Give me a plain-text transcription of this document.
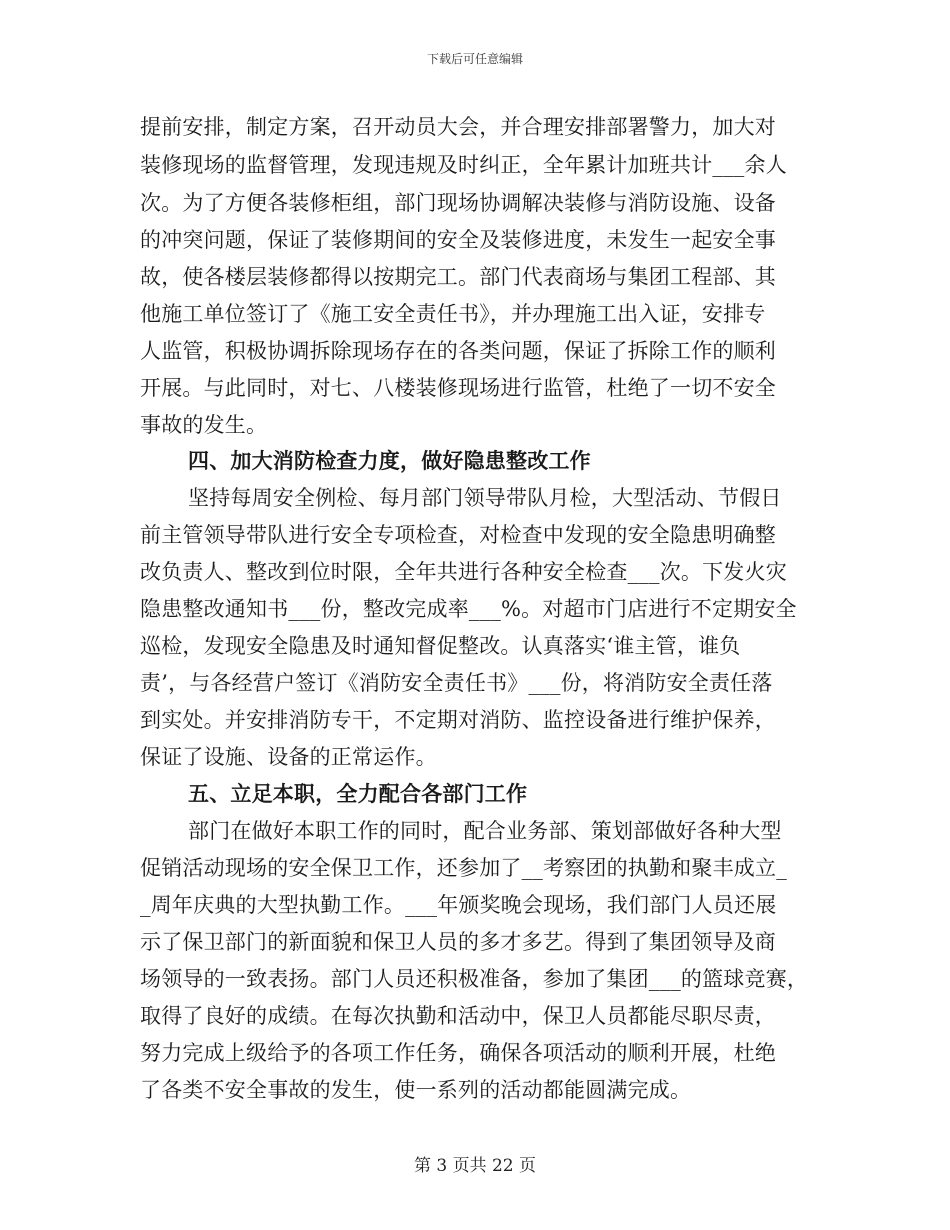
下载后可任意编辑
提前安排，制定方案，召开动员大会，并合理安排部署警力，加大对
装修现场的监督管理，发现违规及时纠正，全年累计加班共计___余人
次。为了方便各装修柜组，部门现场协调解决装修与消防设施、设备
的冲突问题，保证了装修期间的安全及装修进度，未发生一起安全事
故，使各楼层装修都得以按期完工。部门代表商场与集团工程部、其
他施工单位签订了《施工安全责任书》，并办理施工出入证，安排专
人监管，积极协调拆除现场存在的各类问题，保证了拆除工作的顺利
开展。与此同时，对七、八楼装修现场进行监管，杜绝了一切不安全
事故的发生。
四、加大消防检查力度，做好隐患整改工作
坚持每周安全例检、每月部门领导带队月检，大型活动、节假日
前主管领导带队进行安全专项检查，对检查中发现的安全隐患明确整
改负责人、整改到位时限，全年共进行各种安全检查___次。下发火灾
隐患整改通知书___份，整改完成率___%。对超市门店进行不定期安全
巡检，发现安全隐患及时通知督促整改。认真落实‘谁主管，谁负
责’，与各经营户签订《消防安全责任书》___份，将消防安全责任落
到实处。并安排消防专干，不定期对消防、监控设备进行维护保养，
保证了设施、设备的正常运作。
五、立足本职，全力配合各部门工作
部门在做好本职工作的同时，配合业务部、策划部做好各种大型
促销活动现场的安全保卫工作，还参加了__考察团的执勤和聚丰成立_
_周年庆典的大型执勤工作。___年颁奖晚会现场，我们部门人员还展
示了保卫部门的新面貌和保卫人员的多才多艺。得到了集团领导及商
场领导的一致表扬。部门人员还积极准备，参加了集团___的篮球竞赛，
取得了良好的成绩。在每次执勤和活动中，保卫人员都能尽职尽责，
努力完成上级给予的各项工作任务，确保各项活动的顺利开展，杜绝
了各类不安全事故的发生，使一系列的活动都能圆满完成。
第 3 页共 22 页
